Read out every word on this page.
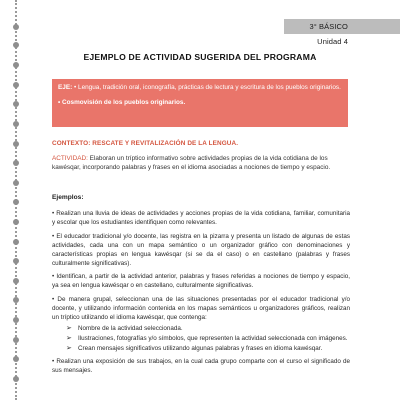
3° BÁSICO Unidad 4
EJEMPLO DE ACTIVIDAD SUGERIDA DEL PROGRAMA

EJE: • Lengua, tradición oral, iconografía, prácticas de lectura y escritura de los pueblos originarios.

• Cosmovisión de los pueblos originarios.

CONTEXTO: RESCATE Y REVITALIZACIÓN DE LA LENGUA.
ACTIVIDAD: Elaboran un tríptico informativo sobre actividades propias de la vida cotidiana de los kawésqar, incorporando palabras y frases en el idioma asociadas a nociones de tiempo y espacio.
Ejemplos:

• Realizan una lluvia de ideas de actividades y acciones propias de la vida cotidiana, familiar, comunitaria y escolar que los estudiantes identifiquen como relevantes.

• El educador tradicional y/o docente, las registra en la pizarra y presenta un listado de algunas de estas actividades, cada una con un mapa semántico o un organizador gráfico con denominaciones y características propias en lengua kawésqar (si se da el caso) o en castellano (palabras y frases culturalmente significativas).

• Identifican, a partir de la actividad anterior, palabras y frases referidas a nociones de tiempo y espacio, ya sea en lengua kawésqar o en castellano, culturalmente significativas.

• De manera grupal, seleccionan una de las situaciones presentadas por el educador tradicional y/o docente, y utilizando información contenida en los mapas semánticos u organizadores gráficos, realizan un tríptico utilizando el idioma kawésqar, que contenga:

➢ Nombre de la actividad seleccionada.
➢ Ilustraciones, fotografías y/o símbolos, que representen la actividad seleccionada con imágenes.
➢ Crean mensajes significativos utilizando algunas palabras y frases en idioma kawésqar.

• Realizan una exposición de sus trabajos, en la cual cada grupo comparte con el curso el significado de sus mensajes.
